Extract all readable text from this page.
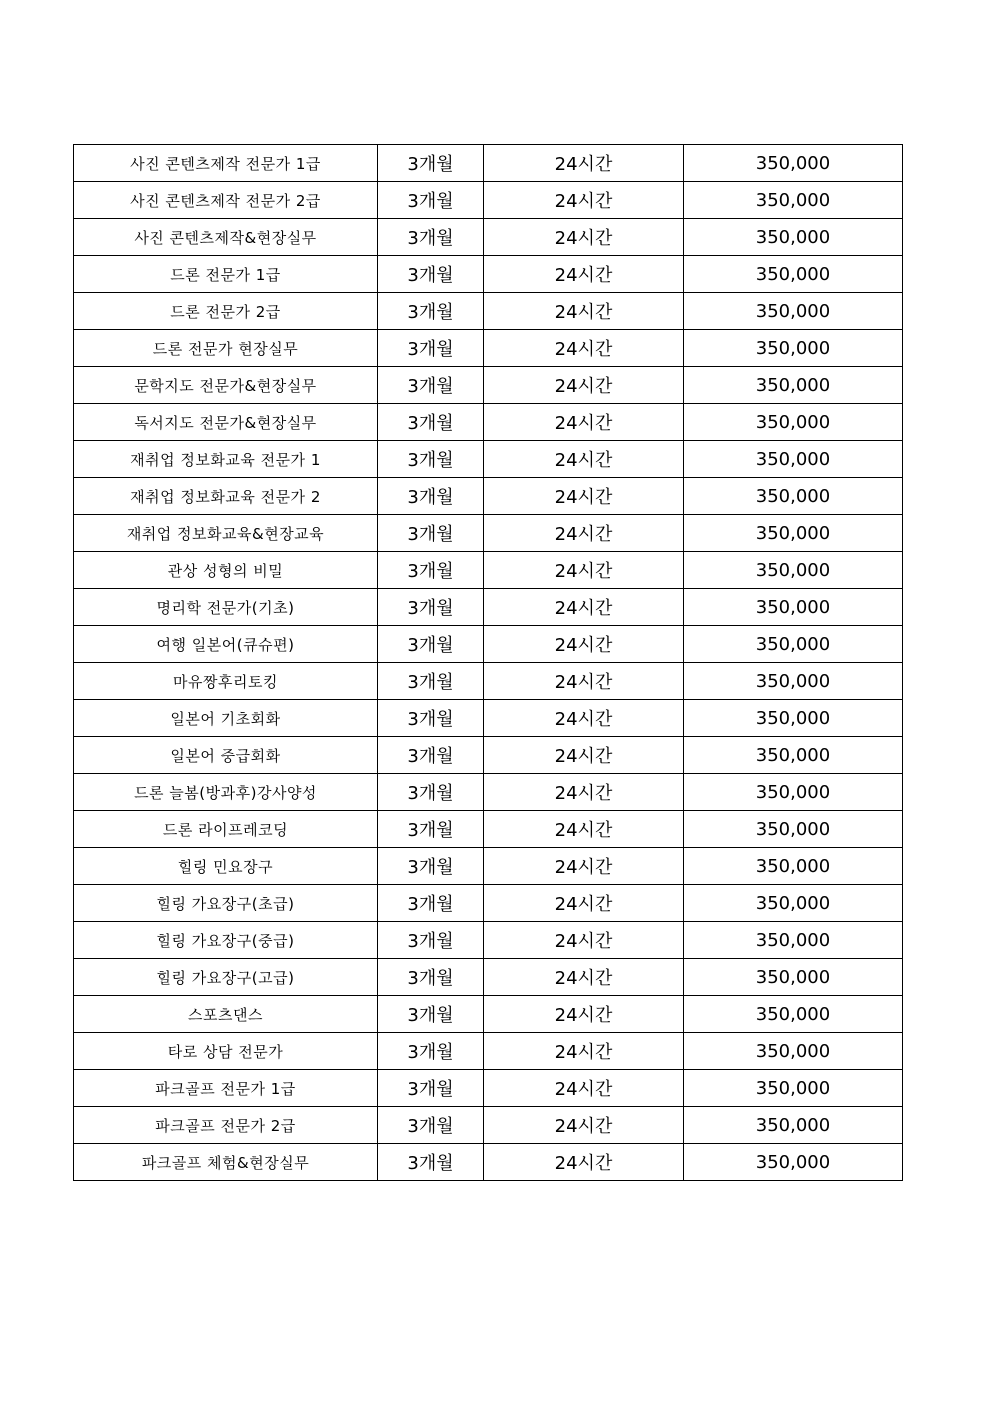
사진 콘텐츠제작 전문가 1급	3개월	24시간	350,000
사진 콘텐츠제작 전문가 2급	3개월	24시간	350,000
사진 콘텐츠제작&현장실무	3개월	24시간	350,000
드론 전문가 1급	3개월	24시간	350,000
드론 전문가 2급	3개월	24시간	350,000
드론 전문가 현장실무	3개월	24시간	350,000
문학지도 전문가&현장실무	3개월	24시간	350,000
독서지도 전문가&현장실무	3개월	24시간	350,000
재취업 정보화교육 전문가 1	3개월	24시간	350,000
재취업 정보화교육 전문가 2	3개월	24시간	350,000
재취업 정보화교육&현장교육	3개월	24시간	350,000
관상 성형의 비밀	3개월	24시간	350,000
명리학 전문가(기초)	3개월	24시간	350,000
여행 일본어(큐슈편)	3개월	24시간	350,000
마유짱후리토킹	3개월	24시간	350,000
일본어 기초회화	3개월	24시간	350,000
일본어 중급회화	3개월	24시간	350,000
드론 늘봄(방과후)강사양성	3개월	24시간	350,000
드론 라이프레코딩	3개월	24시간	350,000
힐링 민요장구	3개월	24시간	350,000
힐링 가요장구(초급)	3개월	24시간	350,000
힐링 가요장구(중급)	3개월	24시간	350,000
힐링 가요장구(고급)	3개월	24시간	350,000
스포츠댄스	3개월	24시간	350,000
타로 상담 전문가	3개월	24시간	350,000
파크골프 전문가 1급	3개월	24시간	350,000
파크골프 전문가 2급	3개월	24시간	350,000
파크골프 체험&현장실무	3개월	24시간	350,000
